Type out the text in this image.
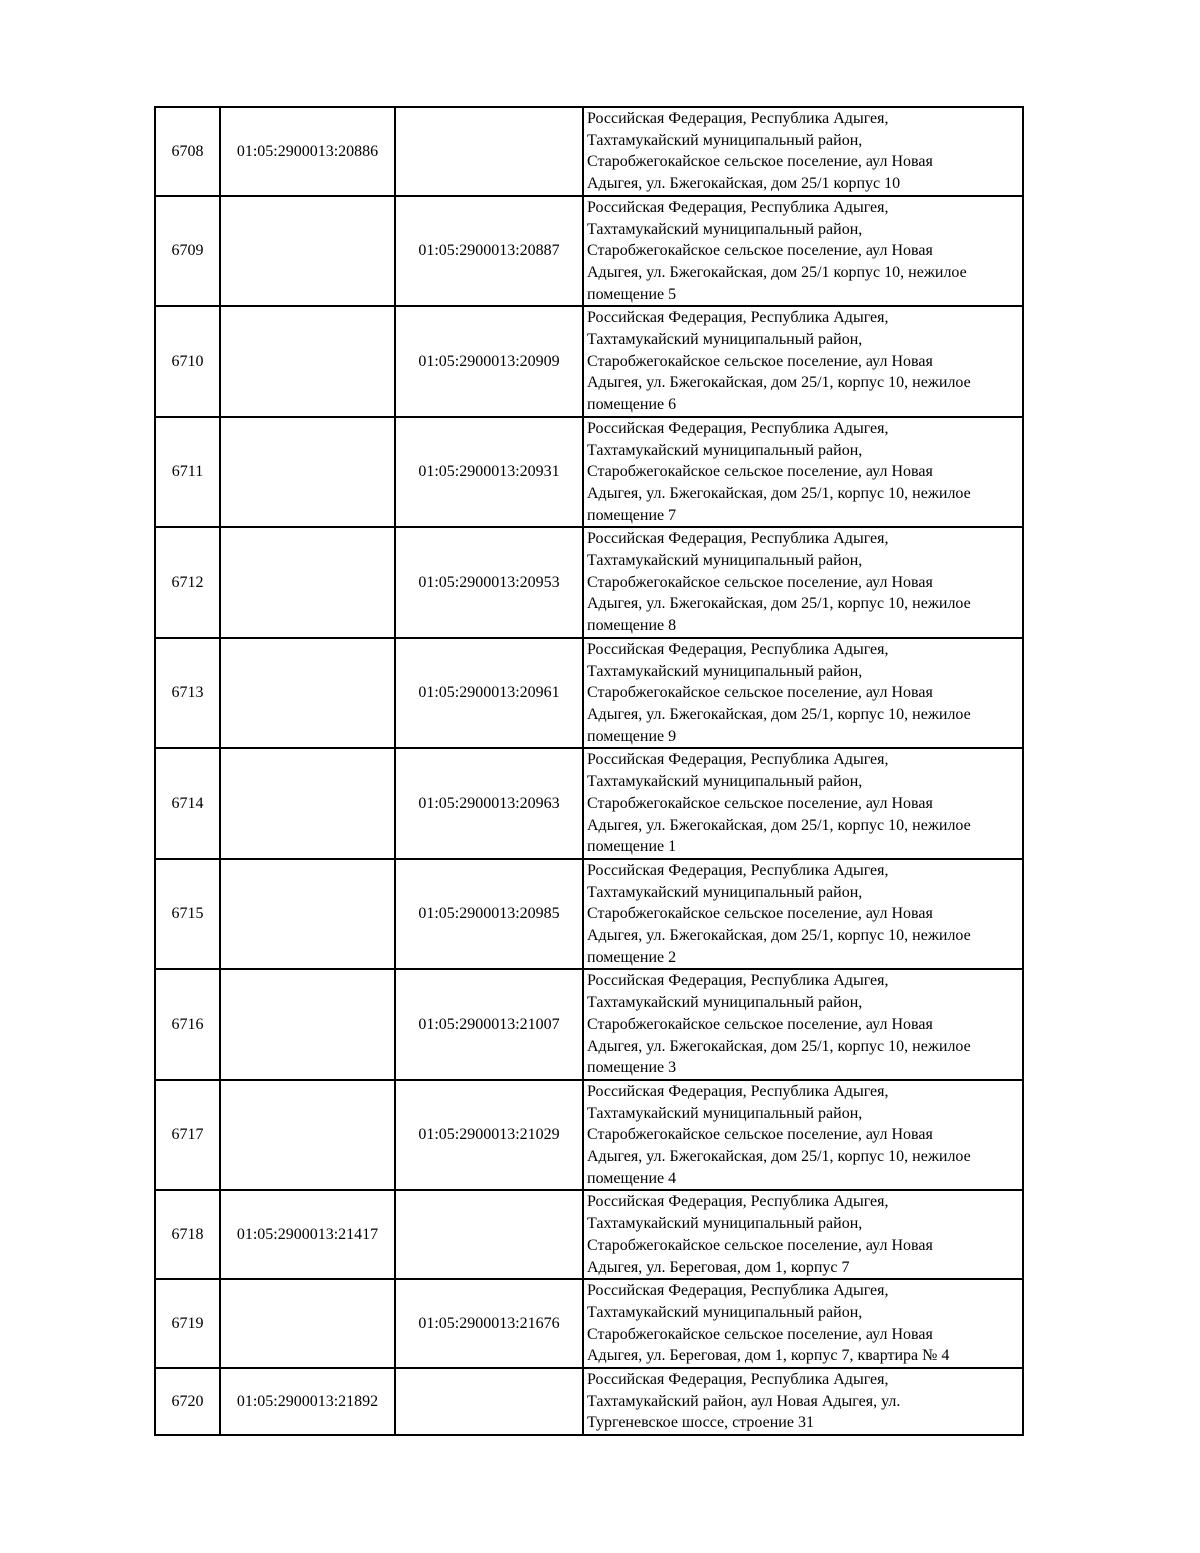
6708	01:05:2900013:20886		Российская Федерация, Республика Адыгея,
Тахтамукайский муниципальный район,
Старобжегокайское сельское поселение, аул Новая
Адыгея, ул. Бжегокайская, дом 25/1 корпус 10
6709		01:05:2900013:20887	Российская Федерация, Республика Адыгея,
Тахтамукайский муниципальный район,
Старобжегокайское сельское поселение, аул Новая
Адыгея, ул. Бжегокайская, дом 25/1 корпус 10, нежилое
помещение 5
6710		01:05:2900013:20909	Российская Федерация, Республика Адыгея,
Тахтамукайский муниципальный район,
Старобжегокайское сельское поселение, аул Новая
Адыгея, ул. Бжегокайская, дом 25/1, корпус 10, нежилое
помещение 6
6711		01:05:2900013:20931	Российская Федерация, Республика Адыгея,
Тахтамукайский муниципальный район,
Старобжегокайское сельское поселение, аул Новая
Адыгея, ул. Бжегокайская, дом 25/1, корпус 10, нежилое
помещение 7
6712		01:05:2900013:20953	Российская Федерация, Республика Адыгея,
Тахтамукайский муниципальный район,
Старобжегокайское сельское поселение, аул Новая
Адыгея, ул. Бжегокайская, дом 25/1, корпус 10, нежилое
помещение 8
6713		01:05:2900013:20961	Российская Федерация, Республика Адыгея,
Тахтамукайский муниципальный район,
Старобжегокайское сельское поселение, аул Новая
Адыгея, ул. Бжегокайская, дом 25/1, корпус 10, нежилое
помещение 9
6714		01:05:2900013:20963	Российская Федерация, Республика Адыгея,
Тахтамукайский муниципальный район,
Старобжегокайское сельское поселение, аул Новая
Адыгея, ул. Бжегокайская, дом 25/1, корпус 10, нежилое
помещение 1
6715		01:05:2900013:20985	Российская Федерация, Республика Адыгея,
Тахтамукайский муниципальный район,
Старобжегокайское сельское поселение, аул Новая
Адыгея, ул. Бжегокайская, дом 25/1, корпус 10, нежилое
помещение 2
6716		01:05:2900013:21007	Российская Федерация, Республика Адыгея,
Тахтамукайский муниципальный район,
Старобжегокайское сельское поселение, аул Новая
Адыгея, ул. Бжегокайская, дом 25/1, корпус 10, нежилое
помещение 3
6717		01:05:2900013:21029	Российская Федерация, Республика Адыгея,
Тахтамукайский муниципальный район,
Старобжегокайское сельское поселение, аул Новая
Адыгея, ул. Бжегокайская, дом 25/1, корпус 10, нежилое
помещение 4
6718	01:05:2900013:21417		Российская Федерация, Республика Адыгея,
Тахтамукайский муниципальный район,
Старобжегокайское сельское поселение, аул Новая
Адыгея, ул. Береговая, дом 1, корпус 7
6719		01:05:2900013:21676	Российская Федерация, Республика Адыгея,
Тахтамукайский муниципальный район,
Старобжегокайское сельское поселение, аул Новая
Адыгея, ул. Береговая, дом 1, корпус 7, квартира № 4
6720	01:05:2900013:21892		Российская Федерация, Республика Адыгея,
Тахтамукайский район, аул Новая Адыгея, ул.
Тургеневское шоссе, строение 31
